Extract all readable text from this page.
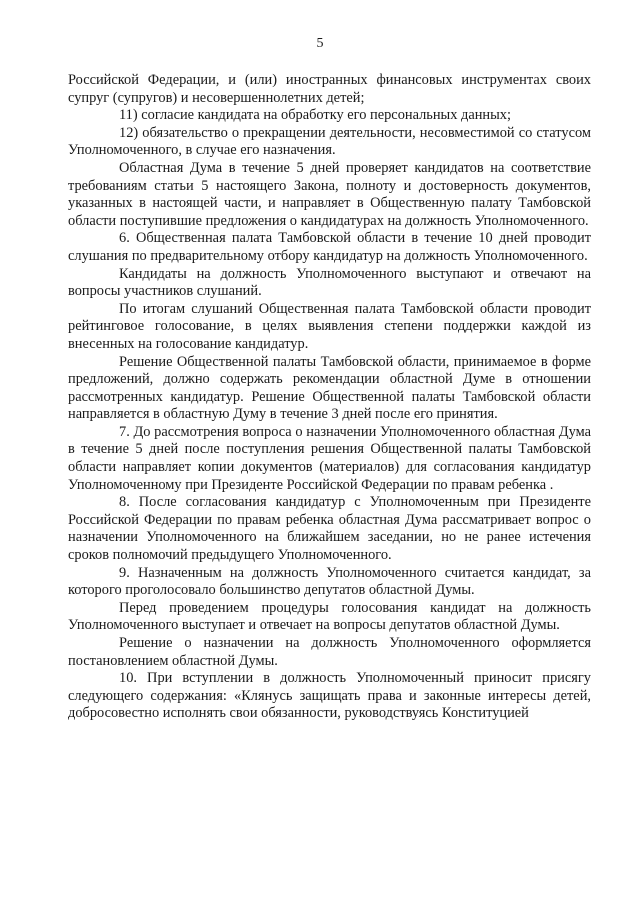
5

Российской Федерации, и (или) иностранных финансовых инструментах своих супруг (супругов) и несовершеннолетних детей;

11) согласие кандидата на обработку его персональных данных;

12) обязательство о прекращении деятельности, несовместимой со статусом Уполномоченного, в случае его назначения.

Областная Дума в течение 5 дней проверяет кандидатов на соответствие требованиям статьи 5 настоящего Закона, полноту и достоверность документов, указанных в настоящей части, и направляет в Общественную палату Тамбовской области поступившие предложения о кандидатурах на должность Уполномоченного.

6. Общественная палата Тамбовской области в течение 10 дней проводит слушания по предварительному отбору кандидатур на должность Уполномоченного.

Кандидаты на должность Уполномоченного выступают и отвечают на вопросы участников слушаний.

По итогам слушаний Общественная палата Тамбовской области проводит рейтинговое голосование, в целях выявления степени поддержки каждой из внесенных на голосование кандидатур.

Решение Общественной палаты Тамбовской области, принимаемое в форме предложений, должно содержать рекомендации областной Думе в отношении рассмотренных кандидатур. Решение Общественной палаты Тамбовской области направляется в областную Думу в течение 3 дней после его принятия.

7. До рассмотрения вопроса о назначении Уполномоченного областная Дума в течение 5 дней после поступления решения Общественной палаты Тамбовской области направляет копии документов (материалов) для согласования кандидатур Уполномоченному при Президенте Российской Федерации по правам ребенка .

8. После согласования кандидатур с Уполномоченным при Президенте Российской Федерации по правам ребенка областная Дума рассматривает вопрос о назначении Уполномоченного на ближайшем заседании, но не ранее истечения сроков полномочий предыдущего Уполномоченного.

9. Назначенным на должность Уполномоченного считается кандидат, за которого проголосовало большинство депутатов областной Думы.

Перед проведением процедуры голосования кандидат на должность Уполномоченного выступает и отвечает на вопросы депутатов областной Думы.

Решение о назначении на должность Уполномоченного оформляется постановлением областной Думы.

10. При вступлении в должность Уполномоченный приносит присягу следующего содержания: «Клянусь защищать права и законные интересы детей, добросовестно исполнять свои обязанности, руководствуясь Конституцией
